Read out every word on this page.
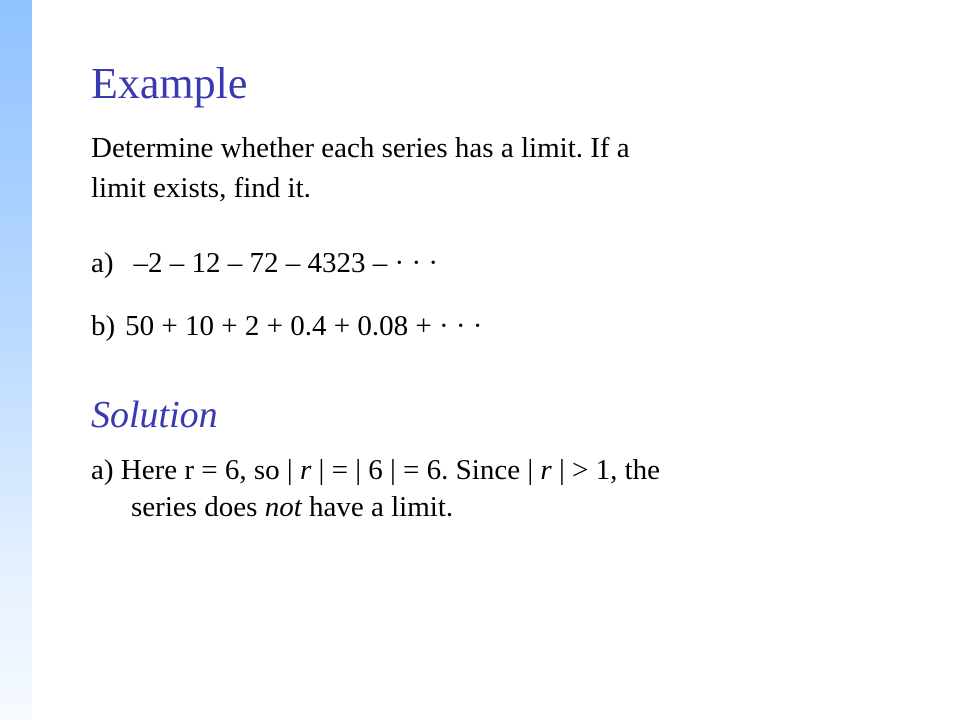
Example
Determine whether each series has a limit. If a
limit exists, find it.
a) –2 – 12 – 72 – 4323 – · · ·
b) 50 + 10 + 2 + 0.4 + 0.08 + · · ·
Solution
a) Here r = 6, so | r | = | 6 | = 6. Since | r | > 1, the
series does not have a limit.
